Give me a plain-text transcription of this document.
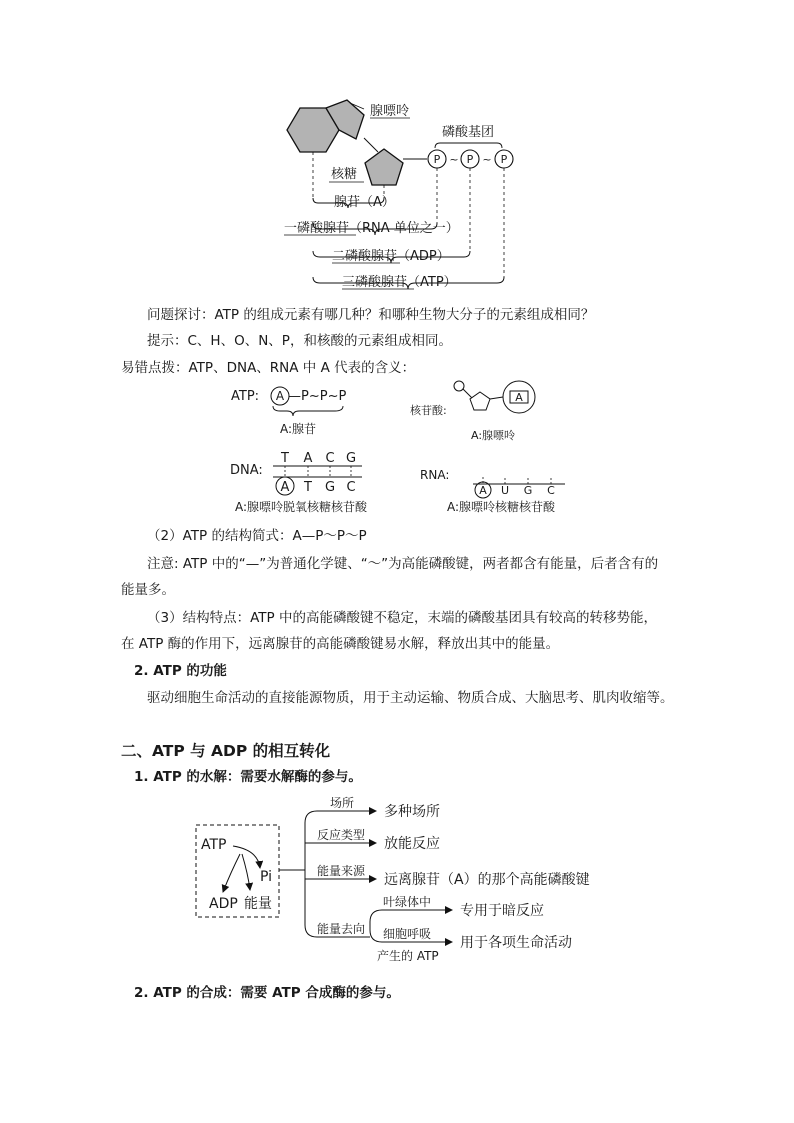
腺嘌呤
核糖
磷酸基团
P ~ P ~ P
腺苷（A）
一磷酸腺苷（RNA 单位之一）
二磷酸腺苷（ADP）
三磷酸腺苷（ATP）
问题探讨：ATP 的组成元素有哪几种？和哪种生物大分子的元素组成相同？
提示：C、H、O、N、P，和核酸的元素组成相同。
易错点拨：ATP、DNA、RNA 中 A 代表的含义：
ATP: A —P~P~P
A:腺苷
核苷酸:
A
A:腺嘌呤
DNA:
T A C G
A T G C
A:腺嘌呤脱氧核糖核苷酸
RNA:
A U G C
A:腺嘌呤核糖核苷酸
（2）ATP 的结构简式：A—P～P～P
注意: ATP 中的“—”为普通化学键、“～”为高能磷酸键，两者都含有能量，后者含有的
能量多。
（3）结构特点：ATP 中的高能磷酸键不稳定，末端的磷酸基团具有较高的转移势能，
在 ATP 酶的作用下，远离腺苷的高能磷酸键易水解，释放出其中的能量。
2. ATP 的功能
驱动细胞生命活动的直接能源物质，用于主动运输、物质合成、大脑思考、肌肉收缩等。
二、ATP 与 ADP 的相互转化
1. ATP 的水解：需要水解酶的参与。
ATP
Pi
ADP 能量
场所
多种场所
反应类型
放能反应
能量来源
远离腺苷（A）的那个高能磷酸键
能量去向
叶绿体中
专用于暗反应
细胞呼吸
产生的 ATP
用于各项生命活动
2. ATP 的合成：需要 ATP 合成酶的参与。
